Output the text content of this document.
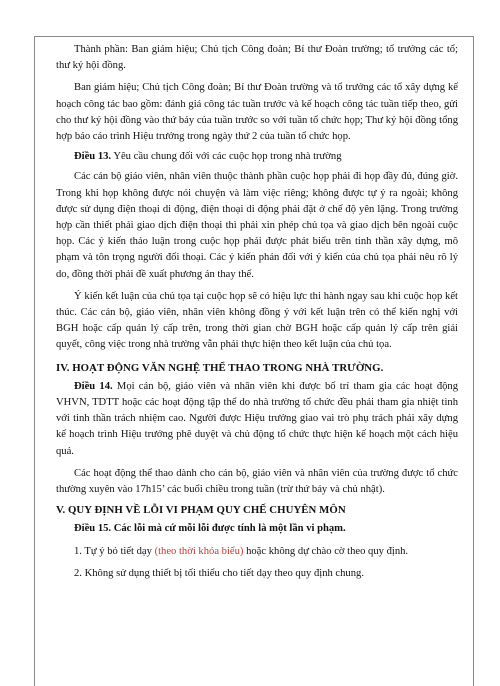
Thành phần: Ban giám hiệu; Chủ tịch Công đoàn; Bí thư Đoàn trường; tổ trưởng các tổ; thư ký hội đồng.

Ban giám hiệu; Chủ tịch Công đoàn; Bí thư Đoàn trường và tổ trưởng các tổ xây dựng kế hoạch công tác bao gồm: đánh giá công tác tuần trước và kế hoạch công tác tuần tiếp theo, gửi cho thư ký hội đồng vào thứ bảy của tuần trước so với tuần tổ chức họp; Thư ký hội đồng tổng hợp báo cáo trình Hiệu trưởng trong ngày thứ 2 của tuần tổ chức họp.

Điều 13. Yêu cầu chung đối với các cuộc họp trong nhà trường

Các cán bộ giáo viên, nhân viên thuộc thành phần cuộc họp phải đi họp đầy đủ, đúng giờ. Trong khi họp không được nói chuyện và làm việc riêng; không được tự ý ra ngoài; không được sử dụng điện thoại di động, điện thoại di động phải đặt ở chế độ yên lặng. Trong trường hợp cần thiết phải giao dịch điện thoại thì phải xin phép chủ tọa và giao dịch bên ngoài cuộc họp. Các ý kiến thảo luận trong cuộc họp phải được phát biểu trên tinh thần xây dựng, mô phạm và tôn trọng người đối thoại. Các ý kiến phản đối với ý kiến của chủ tọa phải nêu rõ lý do, đồng thời phải đề xuất phương án thay thế.

Ý kiến kết luận của chủ tọa tại cuộc họp sẽ có hiệu lực thi hành ngay sau khi cuộc họp kết thúc. Các cán bộ, giáo viên, nhân viên không đồng ý với kết luận trên có thể kiến nghị với BGH hoặc cấp quản lý cấp trên, trong thời gian chờ BGH hoặc cấp quản lý cấp trên giải quyết, công việc trong nhà trường vẫn phải thực hiện theo kết luận của chủ tọa.

IV. HOẠT ĐỘNG VĂN NGHỆ THỂ THAO TRONG NHÀ TRƯỜNG.

Điều 14. Mọi cán bộ, giáo viên và nhân viên khi được bố trí tham gia các hoạt động VHVN, TDTT hoặc các hoạt động tập thể do nhà trường tổ chức đều phải tham gia nhiệt tình với tinh thần trách nhiệm cao. Người được Hiệu trưởng giao vai trò phụ trách phải xây dựng kế hoạch trình Hiệu trưởng phê duyệt và chủ động tổ chức thực hiện kế hoạch một cách hiệu quả.

Các hoạt động thể thao dành cho cán bộ, giáo viên và nhân viên của trường được tổ chức thường xuyên vào 17h15’ các buổi chiều trong tuần (trừ thứ bảy và chủ nhật).

V. QUY ĐỊNH VỀ LỖI VI PHẠM QUY CHẾ CHUYÊN MÔN

Điều 15. Các lỗi mà cứ mỗi lỗi được tính là một lần vi phạm.

1. Tự ý bỏ tiết dạy (theo thời khóa biểu) hoặc không dự chào cờ theo quy định.

2. Không sử dụng thiết bị tối thiểu cho tiết dạy theo quy định chung.
